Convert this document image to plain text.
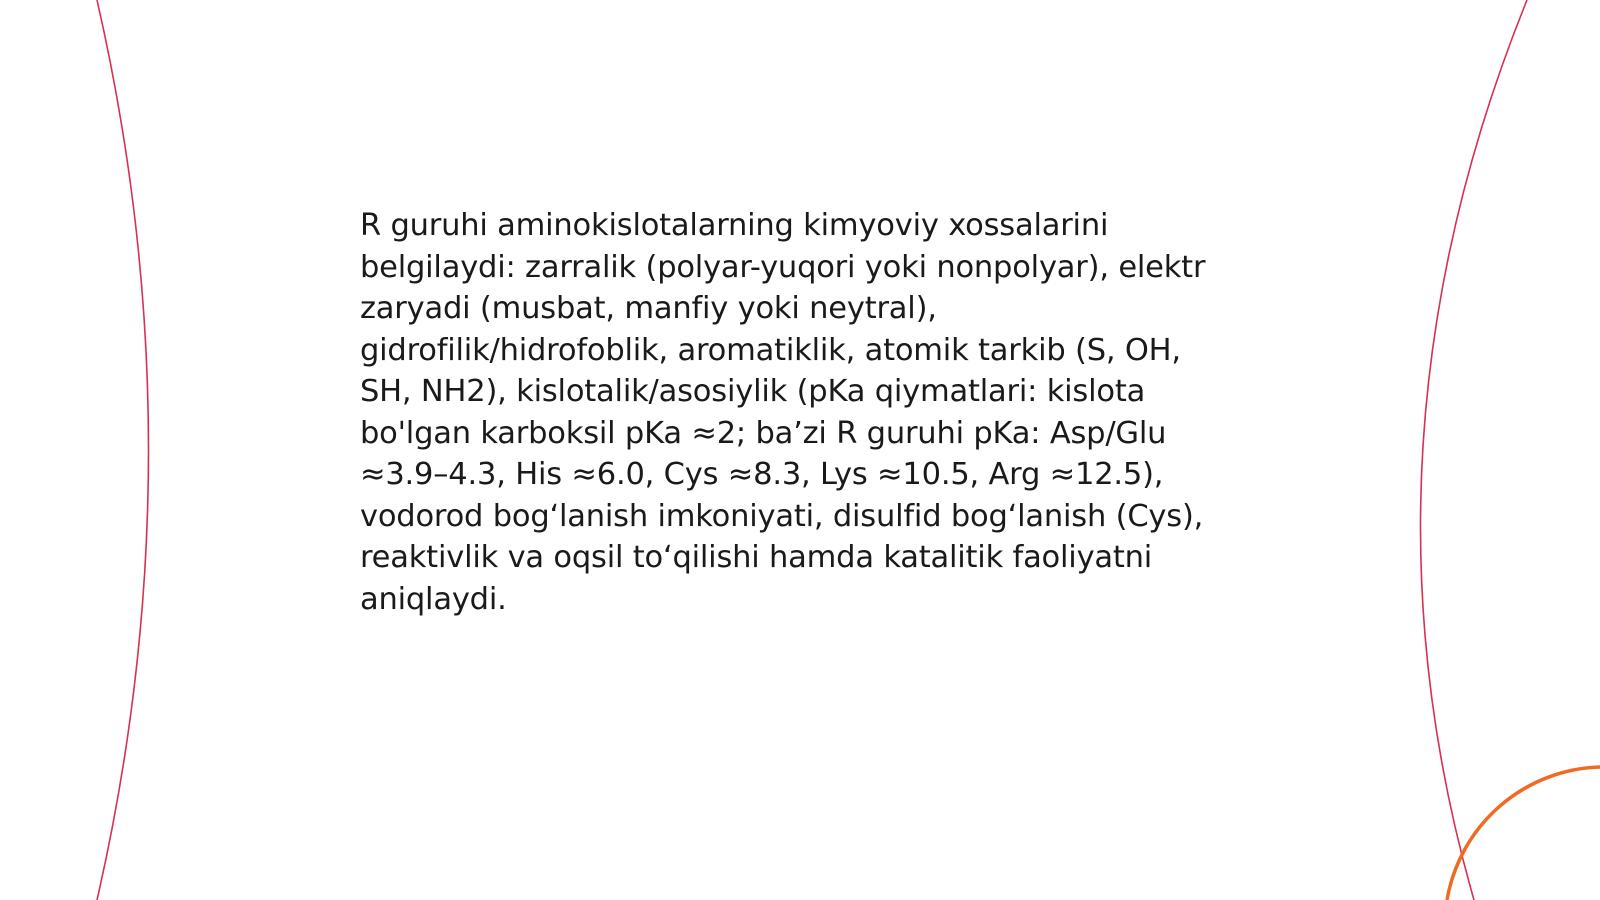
R guruhi aminokislotalarning kimyoviy xossalarini belgilaydi: zarralik (polyar-yuqori yoki nonpolyar), elektr zaryadi (musbat, manfiy yoki neytral), gidrofilik/hidrofoblik, aromatiklik, atomik tarkib (S, OH, SH, NH2), kislotalik/asosiylik (pKa qiymatlari: kislota bo'lgan karboksil pKa ≈2; ba’zi R guruhi pKa: Asp/Glu ≈3.9–4.3, His ≈6.0, Cys ≈8.3, Lys ≈10.5, Arg ≈12.5), vodorod bog‘lanish imkoniyati, disulfid bog‘lanish (Cys), reaktivlik va oqsil to‘qilishi hamda katalitik faoliyatni aniqlaydi.
